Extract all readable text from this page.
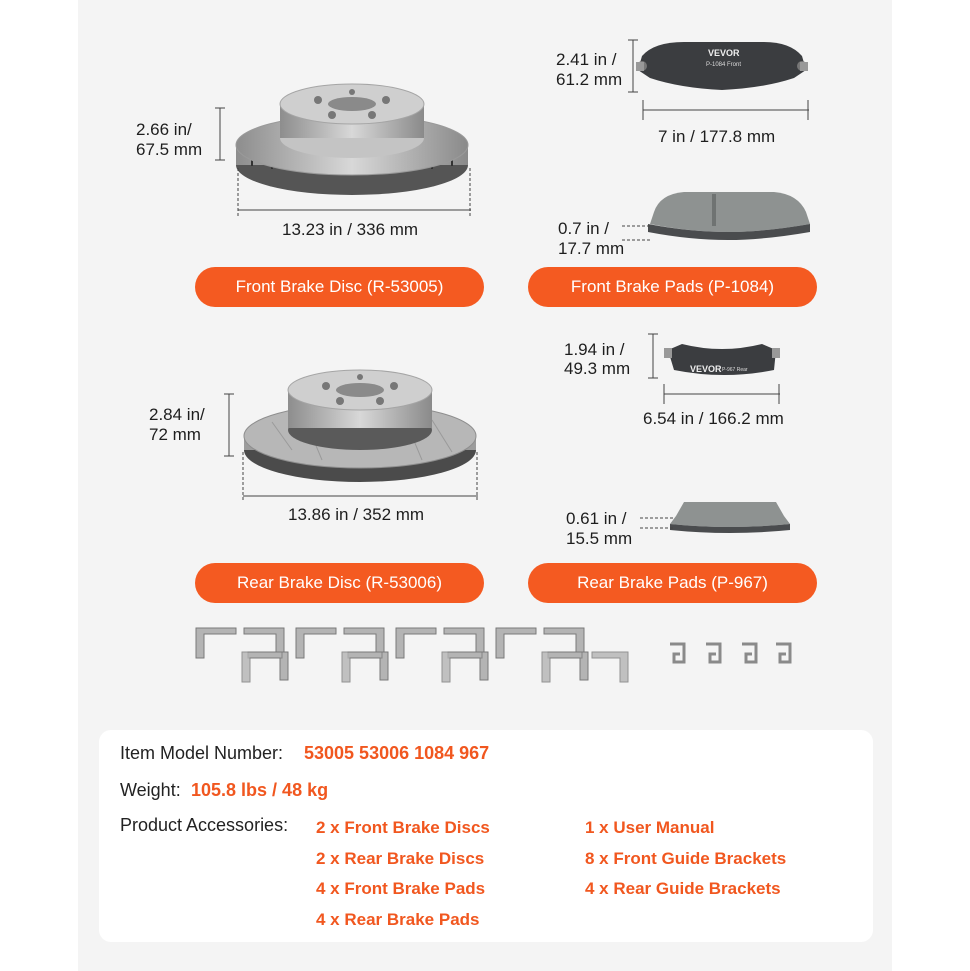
2.66 in/
67.5 mm
13.23 in / 336 mm
Front Brake Disc (R-53005)
VEVOR
P-1084 Front
2.41 in /
61.2 mm
7 in / 177.8 mm
0.7 in /
17.7 mm
Front Brake Pads (P-1084)
2.84 in/
72 mm
13.86 in / 352 mm
Rear Brake Disc (R-53006)
VEVOR P-967 Rear
1.94 in /
49.3 mm
6.54 in / 166.2 mm
0.61 in /
15.5 mm
Rear Brake Pads (P-967)
Item Model Number: 53005 53006 1084 967
Weight: 105.8 lbs / 48 kg
Product Accessories: 2 x Front Brake Discs
2 x Rear Brake Discs
4 x Front Brake Pads
4 x Rear Brake Pads
1 x User Manual
8 x Front Guide Brackets
4 x Rear Guide Brackets
